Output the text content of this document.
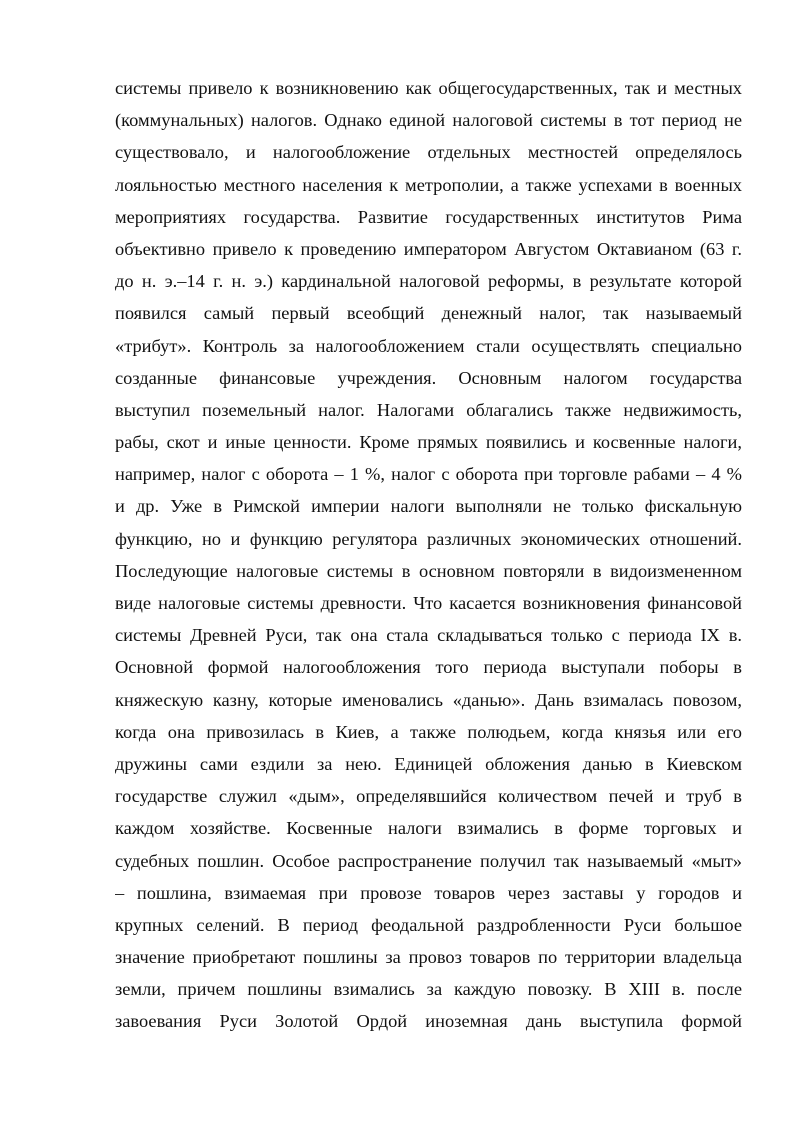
системы привело к возникновению как общегосударственных, так и местных
(коммунальных) налогов. Однако единой налоговой системы в тот период не
существовало, и налогообложение отдельных местностей определялось
лояльностью местного населения к метрополии, а также успехами в военных
мероприятиях государства. Развитие государственных институтов Рима
объективно привело к проведению императором Августом Октавианом (63 г.
до н. э.–14 г. н. э.) кардинальной налоговой реформы, в результате которой
появился самый первый всеобщий денежный налог, так называемый
«трибут». Контроль за налогообложением стали осуществлять специально
созданные финансовые учреждения. Основным налогом государства
выступил поземельный налог. Налогами облагались также недвижимость,
рабы, скот и иные ценности. Кроме прямых появились и косвенные налоги,
например, налог с оборота – 1 %, налог с оборота при торговле рабами – 4 %
и др. Уже в Римской империи налоги выполняли не только фискальную
функцию, но и функцию регулятора различных экономических отношений.
Последующие налоговые системы в основном повторяли в видоизмененном
виде налоговые системы древности. Что касается возникновения финансовой
системы Древней Руси, так она стала складываться только с периода IX в.
Основной формой налогообложения того периода выступали поборы в
княжескую казну, которые именовались «данью». Дань взималась повозом,
когда она привозилась в Киев, а также полюдьем, когда князья или его
дружины сами ездили за нею. Единицей обложения данью в Киевском
государстве служил «дым», определявшийся количеством печей и труб в
каждом хозяйстве. Косвенные налоги взимались в форме торговых и
судебных пошлин. Особое распространение получил так называемый «мыт»
– пошлина, взимаемая при провозе товаров через заставы у городов и
крупных селений. В период феодальной раздробленности Руси большое
значение приобретают пошлины за провоз товаров по территории владельца
земли, причем пошлины взимались за каждую повозку. В XIII в. после
завоевания Руси Золотой Ордой иноземная дань выступила формой
